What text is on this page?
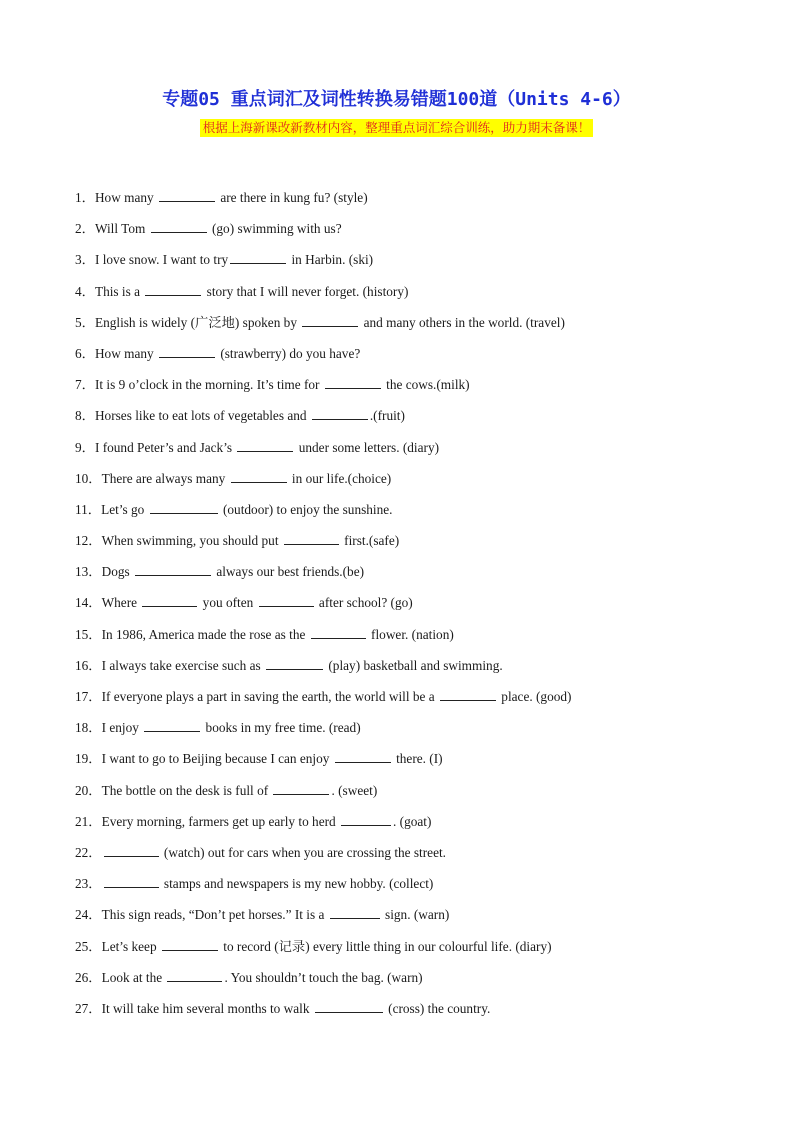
专题05 重点词汇及词性转换易错题100道（Units 4-6）
根据上海新课改新教材内容，整理重点词汇综合训练，助力期末备课！
1．How many	are there in kung fu? (style)
2．Will Tom	(go) swimming with us?
3．I love snow. I want to try	in Harbin. (ski)
4．This is a	story that I will never forget. (history)
5．English is widely (广泛地) spoken by	and many others in the world. (travel)
6．How many	(strawberry) do you have?
7．It is 9 o’clock in the morning. It’s time for	the cows.(milk)
8．Horses like to eat lots of vegetables and	.(fruit)
9．I found Peter’s and Jack’s	under some letters. (diary)
10．There are always many	in our life.(choice)
11．Let’s go	(outdoor) to enjoy the sunshine.
12．When swimming, you should put	first.(safe)
13．Dogs	always our best friends.(be)
14．Where	you often	after school? (go)
15．In 1986, America made the rose as the	flower. (nation)
16．I always take exercise such as	(play) basketball and swimming.
17．If everyone plays a part in saving the earth, the world will be a	place. (good)
18．I enjoy	books in my free time. (read)
19．I want to go to Beijing because I can enjoy	there. (I)
20．The bottle on the desk is full of	. (sweet)
21．Every morning, farmers get up early to herd	. (goat)
22．	(watch) out for cars when you are crossing the street.
23．	stamps and newspapers is my new hobby. (collect)
24．This sign reads, “Don’t pet horses.” It is a	sign. (warn)
25．Let’s keep	to record (记录) every little thing in our colourful life. (diary)
26．Look at the	. You shouldn’t touch the bag. (warn)
27．It will take him several months to walk	(cross) the country.
